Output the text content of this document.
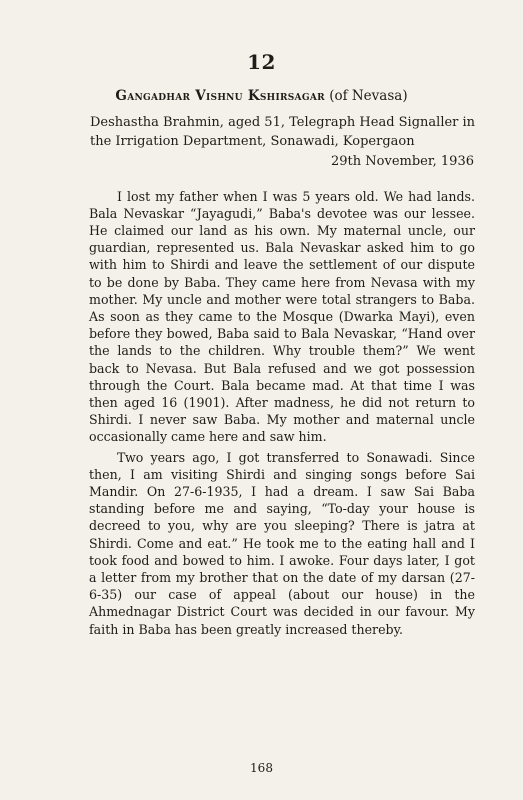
12
Gangadhar Vishnu Kshirsagar (of Nevasa)
Deshastha Brahmin, aged 51, Telegraph Head Signaller in the Irrigation Department, Sonawadi, Kopergaon
29th November, 1936

I lost my father when I was 5 years old. We had lands. Bala Nevaskar “Jayagudi,” Baba's devotee was our lessee. He claimed our land as his own. My maternal uncle, our guardian, represented us. Bala Nevaskar asked him to go with him to Shirdi and leave the settlement of our dispute to be done by Baba. They came here from Nevasa with my mother. My uncle and mother were total strangers to Baba. As soon as they came to the Mosque (Dwarka Mayi), even before they bowed, Baba said to Bala Nevaskar, “Hand over the lands to the children. Why trouble them?” We went back to Nevasa. But Bala refused and we got possession through the Court. Bala became mad. At that time I was then aged 16 (1901). After madness, he did not return to Shirdi. I never saw Baba. My mother and maternal uncle occasionally came here and saw him.

Two years ago, I got transferred to Sonawadi. Since then, I am visiting Shirdi and singing songs before Sai Mandir. On 27-6-1935, I had a dream. I saw Sai Baba standing before me and saying, “To-day your house is decreed to you, why are you sleeping? There is jatra at Shirdi. Come and eat.” He took me to the eating hall and I took food and bowed to him. I awoke. Four days later, I got a letter from my brother that on the date of my darsan (27-6-35) our case of appeal (about our house) in the Ahmednagar District Court was decided in our favour. My faith in Baba has been greatly increased thereby.

168
